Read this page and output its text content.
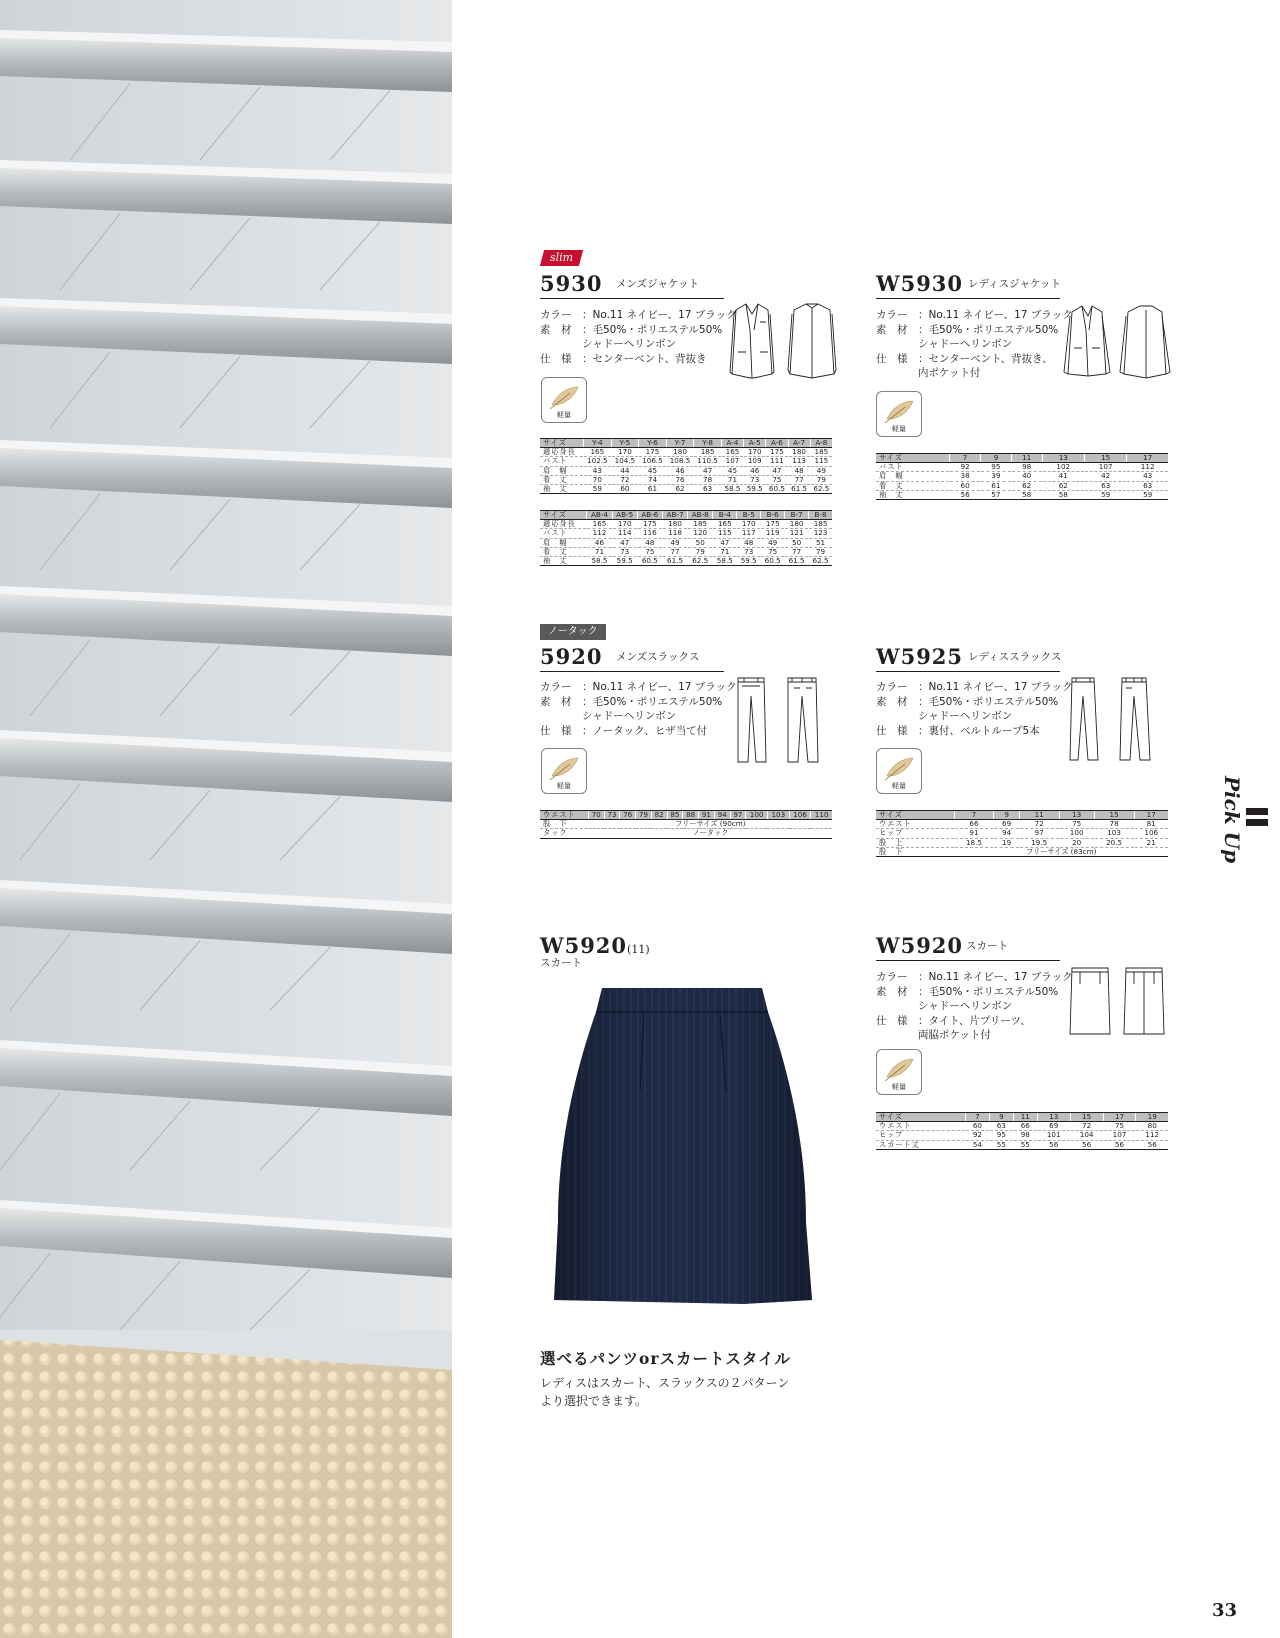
slim
5930 メンズジャケット
カラー	：No.11 ネイビー、17 ブラック
素　材	：毛50%・ポリエステル50%
シャドーヘリンボン
仕　様	：センターベント、背抜き
軽量
サイズ	Y-4	Y-5	Y-6	Y-7	Y-8	A-4	A-5	A-6	A-7	A-8
適応身長	165	170	175	180	185	165	170	175	180	185
バスト	102.5	104.5	106.5	108.5	110.5	107	109	111	113	115
肩　幅	43	44	45	46	47	45	46	47	48	49
着　丈	70	72	74	76	78	71	73	75	77	79
袖　丈	59	60	61	62	63	58.5	59.5	60.5	61.5	62.5
サイズ	AB-4	AB-5	AB-6	AB-7	AB-8	B-4	B-5	B-6	B-7	B-8
適応身長	165	170	175	180	185	165	170	175	180	185
バスト	112	114	116	118	120	115	117	119	121	123
肩　幅	46	47	48	49	50	47	48	49	50	51
着　丈	71	73	75	77	79	71	73	75	77	79
袖　丈	58.5	59.5	60.5	61.5	62.5	58.5	59.5	60.5	61.5	62.5
W5930 レディスジャケット
カラー	：No.11 ネイビー、17 ブラック
素　材	：毛50%・ポリエステル50%
シャドーヘリンボン
仕　様	：センターベント、背抜き、
内ポケット付
軽量
サイズ	7	9	11	13	15	17
バスト	92	95	98	102	107	112
肩　幅	38	39	40	41	42	43
着　丈	60	61	62	62	63	63
袖　丈	56	57	58	58	59	59
ノータック
5920 メンズスラックス
カラー	：No.11 ネイビー、17 ブラック
素　材	：毛50%・ポリエステル50%
シャドーヘリンボン
仕　様	：ノータック、ヒザ当て付
軽量
ウエスト	70	73	76	79	82	85	88	91	94	97	100	103	106	110
股　下	フリーサイズ (90cm)													
タック	ノータック													
W5925 レディススラックス
カラー	：No.11 ネイビー、17 ブラック
素　材	：毛50%・ポリエステル50%
シャドーヘリンボン
仕　様	：裏付、ベルトループ5本
軽量
サイズ	7	9	11	13	15	17
ウエスト	66	69	72	75	78	81
ヒップ	91	94	97	100	103	106
股　上	18.5	19	19.5	20	20.5	21
股　下	フリーサイズ (83cm)					
W5920(11)
スカート
W5920 スカート
カラー	：No.11 ネイビー、17 ブラック
素　材	：毛50%・ポリエステル50%
シャドーヘリンボン
仕　様	：タイト、片プリーツ、
両脇ポケット付
軽量
サイズ	7	9	11	13	15	17	19
ウエスト	60	63	66	69	72	75	80
ヒップ	92	95	98	101	104	107	112
スカート丈	54	55	55	56	56	56	56
選べるパンツorスカートスタイル
レディスはスカート、スラックスの２パターン
より選択できます。
Pick Up
33
